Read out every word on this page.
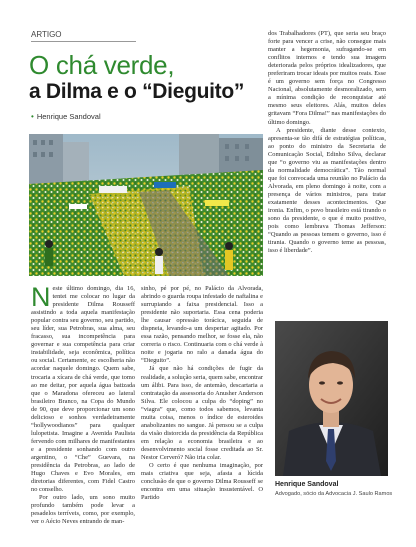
ARTIGO
O chá verde,
a Dilma e o “Dieguito”
• Henrique Sandoval

Neste último domingo, dia 16, tentei me colocar no lugar da presidente Dilma Rousseff assistindo a toda aquela manifestação popular contra seu governo, seu partido, seu líder, sua Petrobras, sua alma, seu fracasso, sua incompetência para governar e sua competência para criar instabilidade, seja econômica, política ou social. Certamente, ec escolheria não acordar naquele domingo. Quem sabe, trocaria a xícara de chá verde, que tomo ao me deitar, por aquela água batizada que o Maradona ofereceu ao lateral brasileiro Branco, na Copa do Mundo de 90, que deve proporcionar um sono delicioso e sonhos verdadeiramente “hollywoodianos” para qualquer lulopetista. Imagine a Avenida Paulista fervendo com milhares de manifestantes e a presidente sonhando com outro argentino, o “Che” Guevara, na presidência da Petrobras, ao lado de Hugo Chaves e Evo Morales, em diretorias diferentes, com Fidel Castro no conselho.

Por outro lado, um sono muito profundo também pode levar a pesadelos terríveis, como, por exemplo, ver o Aécio Neves entrando de man-

sinho, pé por pé, no Palácio da Alvorada, abrindo o guarda roupa infestado de naftalina e surrupiando a faixa presidencial. Isso a presidente não suportaria. Essa cena poderia lhe causar opressão torácica, seguida de dispneia, levando-a um despertar agitado. Por essa razão, pensando melhor, se fosse ela, não correria o risco. Continuaria com o chá verde à noite e jogaria no ralo a danada água do “Dieguito”.

Já que não há condições de fugir da realidade, a solução seria, quem sabe, encontrar um álibi. Para isso, de antemão, descartaria a contratação da assessoria do Anusher Anderson Silva. Ele colocou a culpa do “doping” no “viagra” que, como todos sabemos, levanta muita coisa, menos o índice de esteroides anabolizantes no sangue. Já pensou se a culpa da visão distorcida da presidência da República em relação a economia brasileira e ao desenvolvimento social fosse creditada ao Sr. Nestor Cerveró? Não iria colar.

O certo é que nenhuma imaginação, por mais criativa que seja, afasta a lúcida conclusão de que o governo Dilma Rousseff se encontra em uma situação insustentável. O Partido

dos Trabalhadores (PT), que seria seu braço forte para vencer a crise, não consegue mais manter a hegemonia, sufragando-se em conflitos internos e tendo sua imagem deteriorada pelos próprios idealizadores, que preferiram trocar ideais por muitos reais. Esse é um governo sem força no Congresso Nacional, absolutamente desmoralizado, sem a mínima condição de reconquistar até mesmo seus eleitores. Alás, muitos deles gritavam “Fora Dilma!” nas manifestações do último domingo.

A presidente, diante desse contexto, apresenta-se tão difá de estratégias políticas, ao ponto do ministro da Secretaria de Comunicação Social, Edinho Silva, declarar que “o governo viu as manifestações dentro da normalidade democrática”. Tão normal que foi convocada uma reunião no Palácio da Alvorada, em pleno domingo à noite, com a presença de vários ministros, para tratar exatamente desses acontecimentos. Que ironia. Enfim, o povo brasileiro está tirando o sono da presidente, o que é muito positivo, pois como lembrava Thomas Jefferson: “Quando as pessoas temem o governo, isso é tirania. Quando o governo teme as pessoas, isso é liberdade”.

Henrique Sandoval
Advogado, sócio da Advocacia J. Saulo Ramos
